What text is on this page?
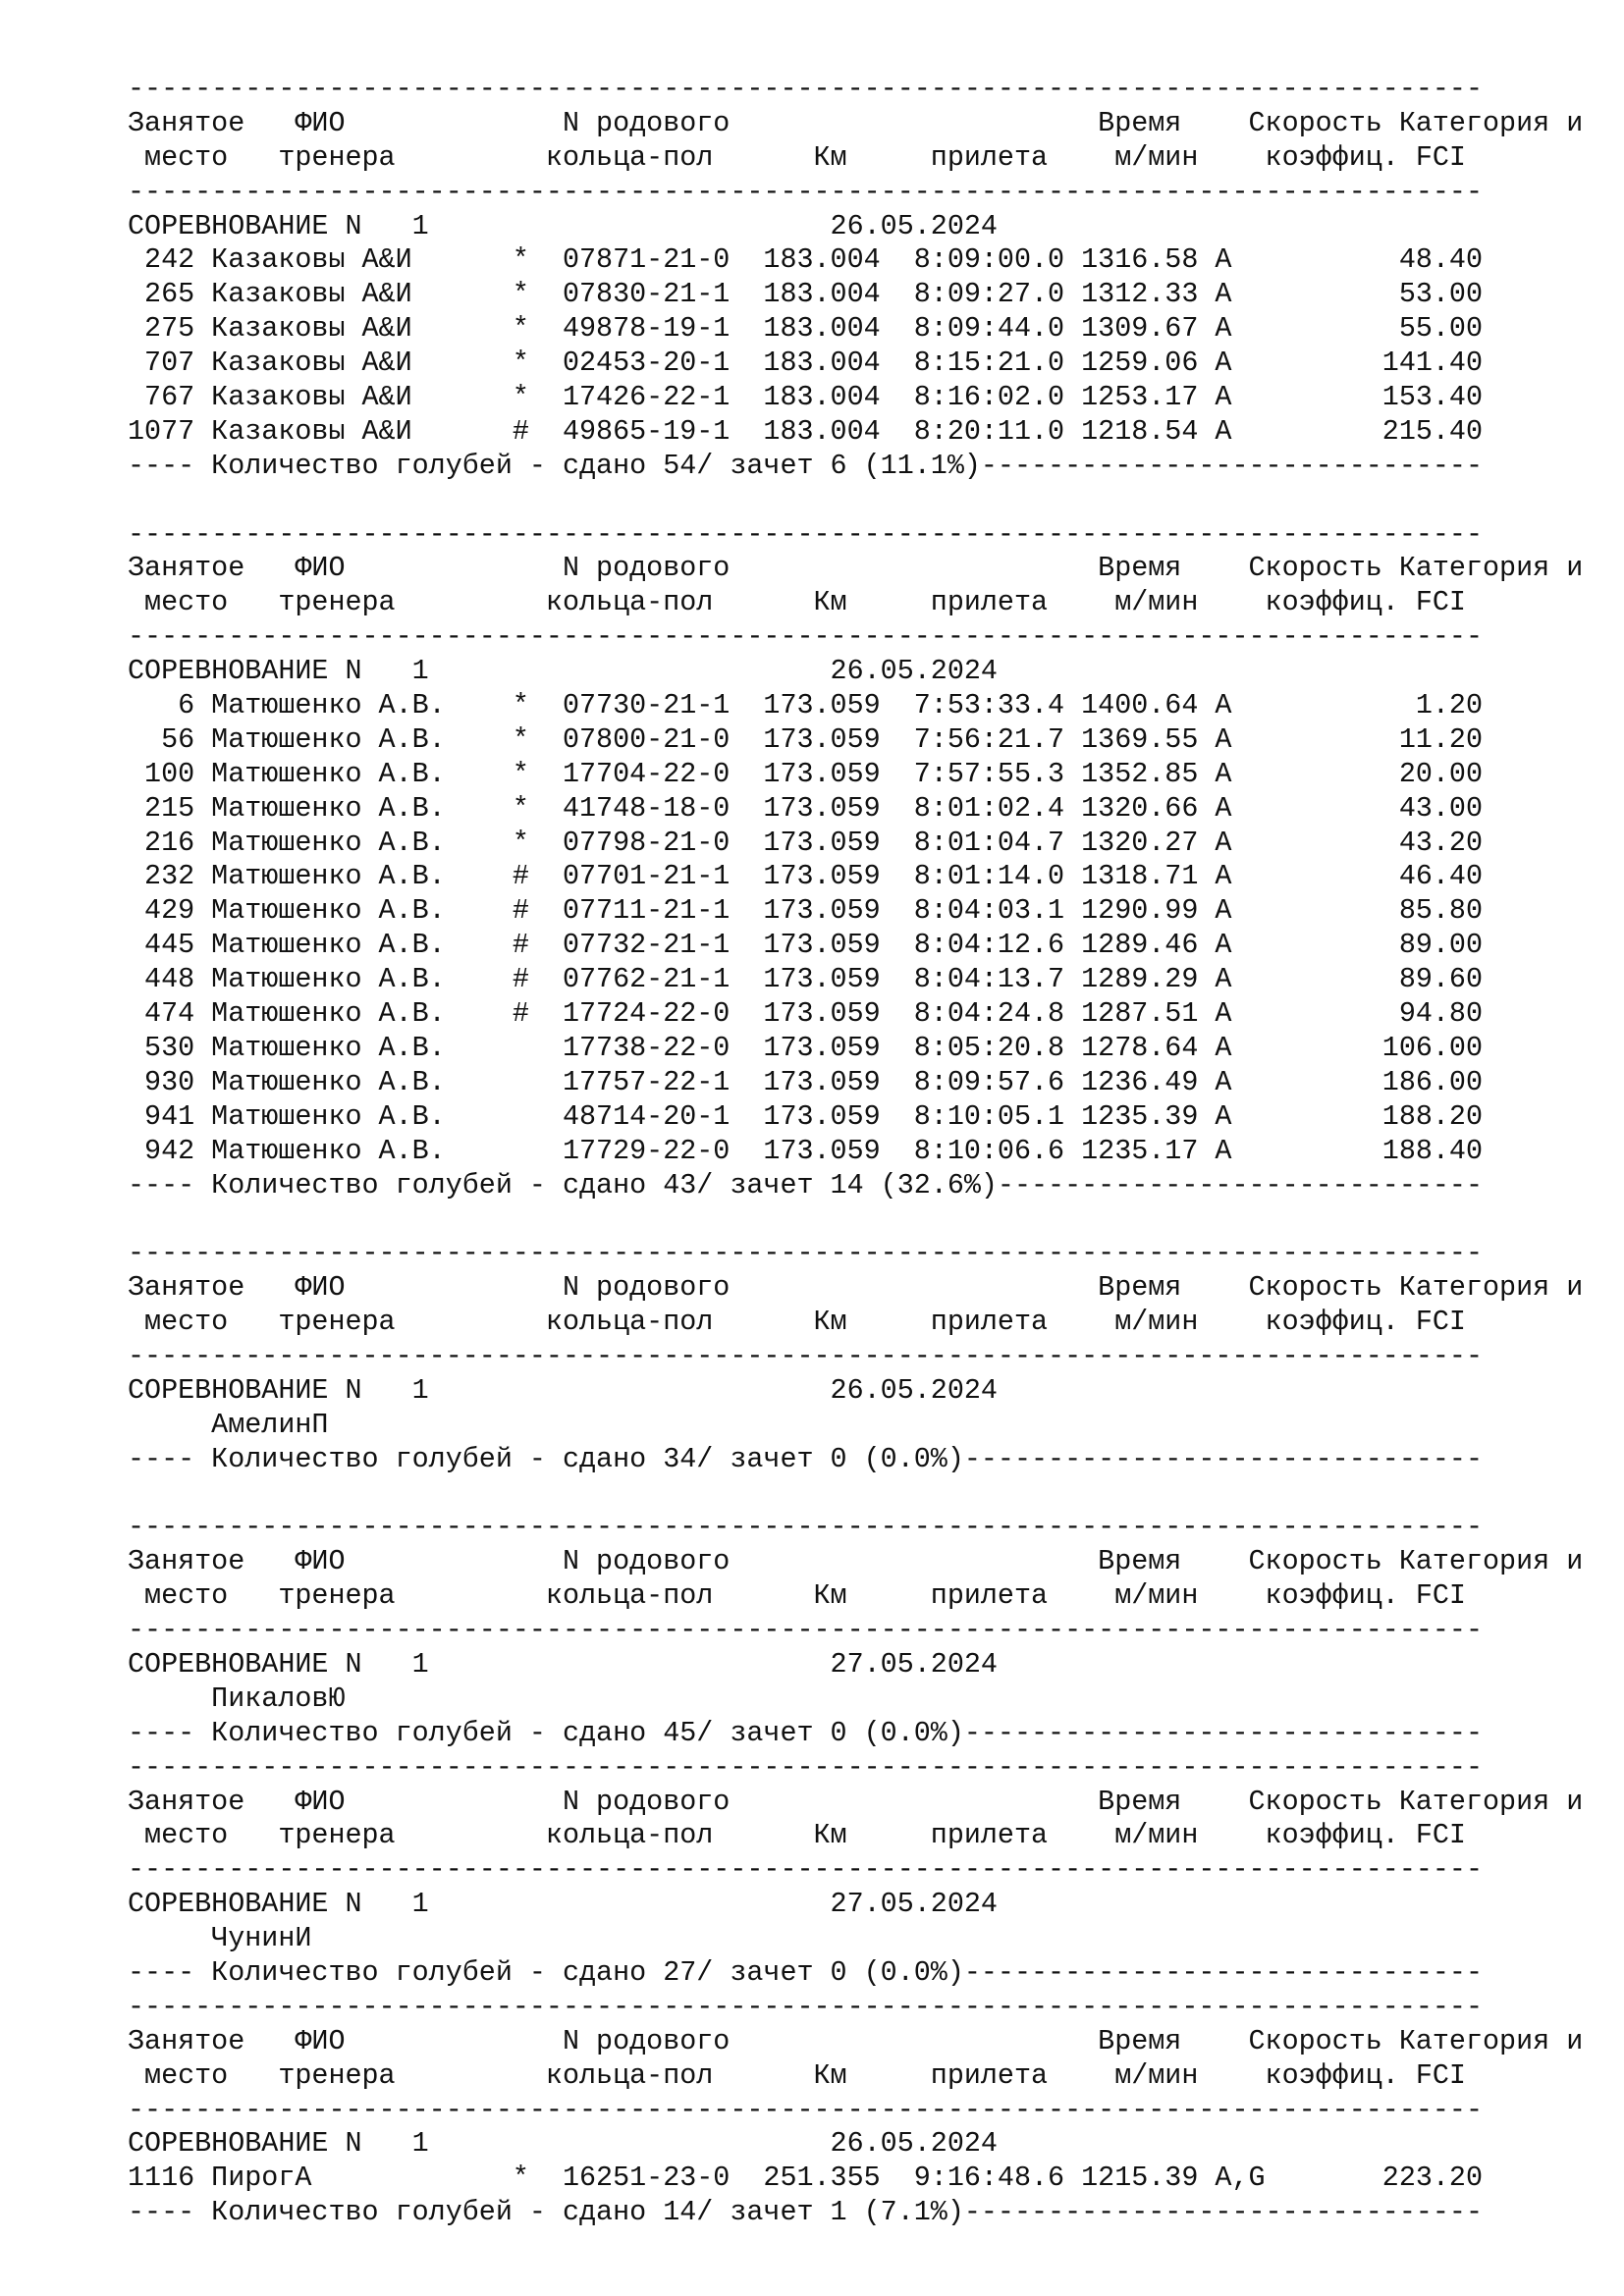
---------------------------------------------------------------------------------
Занятое   ФИО             N родового                      Время    Скорость Категория и
место   тренера         кольца-пол      Км     прилета    м/мин    коэффиц. FCI
---------------------------------------------------------------------------------
СОРЕВНОВАНИЕ N   1                        26.05.2024
242 Казаковы А&И      *  07871-21-0  183.004  8:09:00.0 1316.58 A          48.40
265 Казаковы А&И      *  07830-21-1  183.004  8:09:27.0 1312.33 A          53.00
275 Казаковы А&И      *  49878-19-1  183.004  8:09:44.0 1309.67 A          55.00
707 Казаковы А&И      *  02453-20-1  183.004  8:15:21.0 1259.06 A         141.40
767 Казаковы А&И      *  17426-22-1  183.004  8:16:02.0 1253.17 A         153.40
1077 Казаковы А&И      #  49865-19-1  183.004  8:20:11.0 1218.54 A         215.40
---- Количество голубей - сдано 54/ зачет 6 (11.1%)------------------------------
---------------------------------------------------------------------------------
Занятое   ФИО             N родового                      Время    Скорость Категория и
место   тренера         кольца-пол      Км     прилета    м/мин    коэффиц. FCI
---------------------------------------------------------------------------------
СОРЕВНОВАНИЕ N   1                        26.05.2024
6 Матюшенко А.В.    *  07730-21-1  173.059  7:53:33.4 1400.64 A           1.20
56 Матюшенко А.В.    *  07800-21-0  173.059  7:56:21.7 1369.55 A          11.20
100 Матюшенко А.В.    *  17704-22-0  173.059  7:57:55.3 1352.85 A          20.00
215 Матюшенко А.В.    *  41748-18-0  173.059  8:01:02.4 1320.66 A          43.00
216 Матюшенко А.В.    *  07798-21-0  173.059  8:01:04.7 1320.27 A          43.20
232 Матюшенко А.В.    #  07701-21-1  173.059  8:01:14.0 1318.71 A          46.40
429 Матюшенко А.В.    #  07711-21-1  173.059  8:04:03.1 1290.99 A          85.80
445 Матюшенко А.В.    #  07732-21-1  173.059  8:04:12.6 1289.46 A          89.00
448 Матюшенко А.В.    #  07762-21-1  173.059  8:04:13.7 1289.29 A          89.60
474 Матюшенко А.В.    #  17724-22-0  173.059  8:04:24.8 1287.51 A          94.80
530 Матюшенко А.В.       17738-22-0  173.059  8:05:20.8 1278.64 A         106.00
930 Матюшенко А.В.       17757-22-1  173.059  8:09:57.6 1236.49 A         186.00
941 Матюшенко А.В.       48714-20-1  173.059  8:10:05.1 1235.39 A         188.20
942 Матюшенко А.В.       17729-22-0  173.059  8:10:06.6 1235.17 A         188.40
---- Количество голубей - сдано 43/ зачет 14 (32.6%)-----------------------------
---------------------------------------------------------------------------------
Занятое   ФИО             N родового                      Время    Скорость Категория и
место   тренера         кольца-пол      Км     прилета    м/мин    коэффиц. FCI
---------------------------------------------------------------------------------
СОРЕВНОВАНИЕ N   1                        26.05.2024
АмелинП
---- Количество голубей - сдано 34/ зачет 0 (0.0%)-------------------------------
---------------------------------------------------------------------------------
Занятое   ФИО             N родового                      Время    Скорость Категория и
место   тренера         кольца-пол      Км     прилета    м/мин    коэффиц. FCI
---------------------------------------------------------------------------------
СОРЕВНОВАНИЕ N   1                        27.05.2024
ПикаловЮ
---- Количество голубей - сдано 45/ зачет 0 (0.0%)-------------------------------
---------------------------------------------------------------------------------
Занятое   ФИО             N родового                      Время    Скорость Категория и
место   тренера         кольца-пол      Км     прилета    м/мин    коэффиц. FCI
---------------------------------------------------------------------------------
СОРЕВНОВАНИЕ N   1                        27.05.2024
ЧунинИ
---- Количество голубей - сдано 27/ зачет 0 (0.0%)-------------------------------
---------------------------------------------------------------------------------
Занятое   ФИО             N родового                      Время    Скорость Категория и
место   тренера         кольца-пол      Км     прилета    м/мин    коэффиц. FCI
---------------------------------------------------------------------------------
СОРЕВНОВАНИЕ N   1                        26.05.2024
1116 ПирогА            *  16251-23-0  251.355  9:16:48.6 1215.39 A,G       223.20
---- Количество голубей - сдано 14/ зачет 1 (7.1%)-------------------------------
